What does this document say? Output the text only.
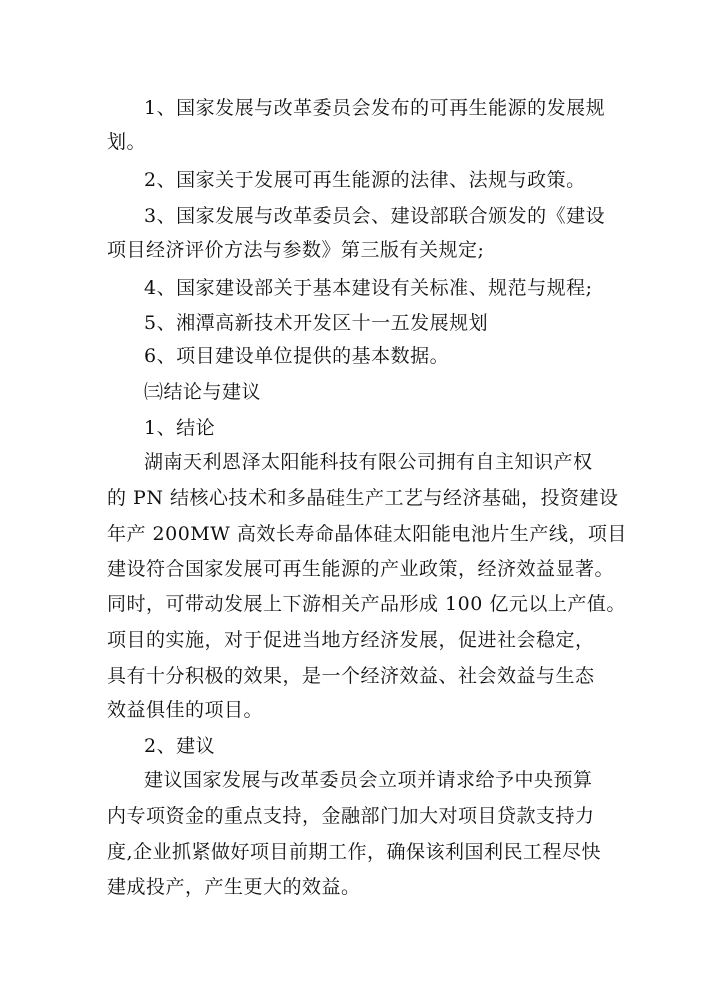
1、国家发展与改革委员会发布的可再生能源的发展规

划。

2、国家关于发展可再生能源的法律、法规与政策。

3、国家发展与改革委员会、建设部联合颁发的《建设

项目经济评价方法与参数》第三版有关规定;

4、国家建设部关于基本建设有关标准、规范与规程;

5、湘潭高新技术开发区十一五发展规划

6、项目建设单位提供的基本数据。

㈢结论与建议

1、结论

湖南天利恩泽太阳能科技有限公司拥有自主知识产权

的 PN 结核心技术和多晶硅生产工艺与经济基础，投资建设

年产 200MW 高效长寿命晶体硅太阳能电池片生产线，项目

建设符合国家发展可再生能源的产业政策，经济效益显著。

同时，可带动发展上下游相关产品形成 100 亿元以上产值。

项目的实施，对于促进当地方经济发展，促进社会稳定，

具有十分积极的效果，是一个经济效益、社会效益与生态

效益俱佳的项目。

2、建议

建议国家发展与改革委员会立项并请求给予中央预算

内专项资金的重点支持，金融部门加大对项目贷款支持力

度,企业抓紧做好项目前期工作，确保该利国利民工程尽快

建成投产，产生更大的效益。
